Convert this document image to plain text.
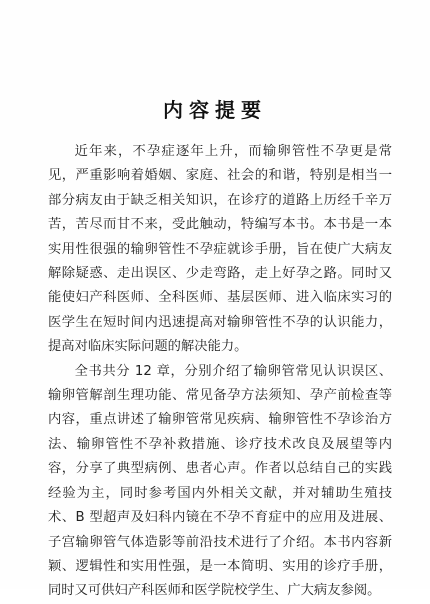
内容提要

近年来，不孕症逐年上升，而输卵管性不孕更是常见，严重影响着婚姻、家庭、社会的和谐，特别是相当一部分病友由于缺乏相关知识，在诊疗的道路上历经千辛万苦，苦尽而甘不来，受此触动，特编写本书。本书是一本实用性很强的输卵管性不孕症就诊手册，旨在使广大病友解除疑惑、走出误区、少走弯路，走上好孕之路。同时又能使妇产科医师、全科医师、基层医师、进入临床实习的医学生在短时间内迅速提高对输卵管性不孕的认识能力，提高对临床实际问题的解决能力。

全书共分 12 章，分别介绍了输卵管常见认识误区、输卵管解剖生理功能、常见备孕方法须知、孕产前检查等内容，重点讲述了输卵管常见疾病、输卵管性不孕诊治方法、输卵管性不孕补救措施、诊疗技术改良及展望等内容，分享了典型病例、患者心声。作者以总结自己的实践经验为主，同时参考国内外相关文献，并对辅助生殖技术、B 型超声及妇科内镜在不孕不育症中的应用及进展、子宫输卵管气体造影等前沿技术进行了介绍。本书内容新颖、逻辑性和实用性强，是一本简明、实用的诊疗手册，同时又可供妇产科医师和医学院校学生、广大病友参阅。
